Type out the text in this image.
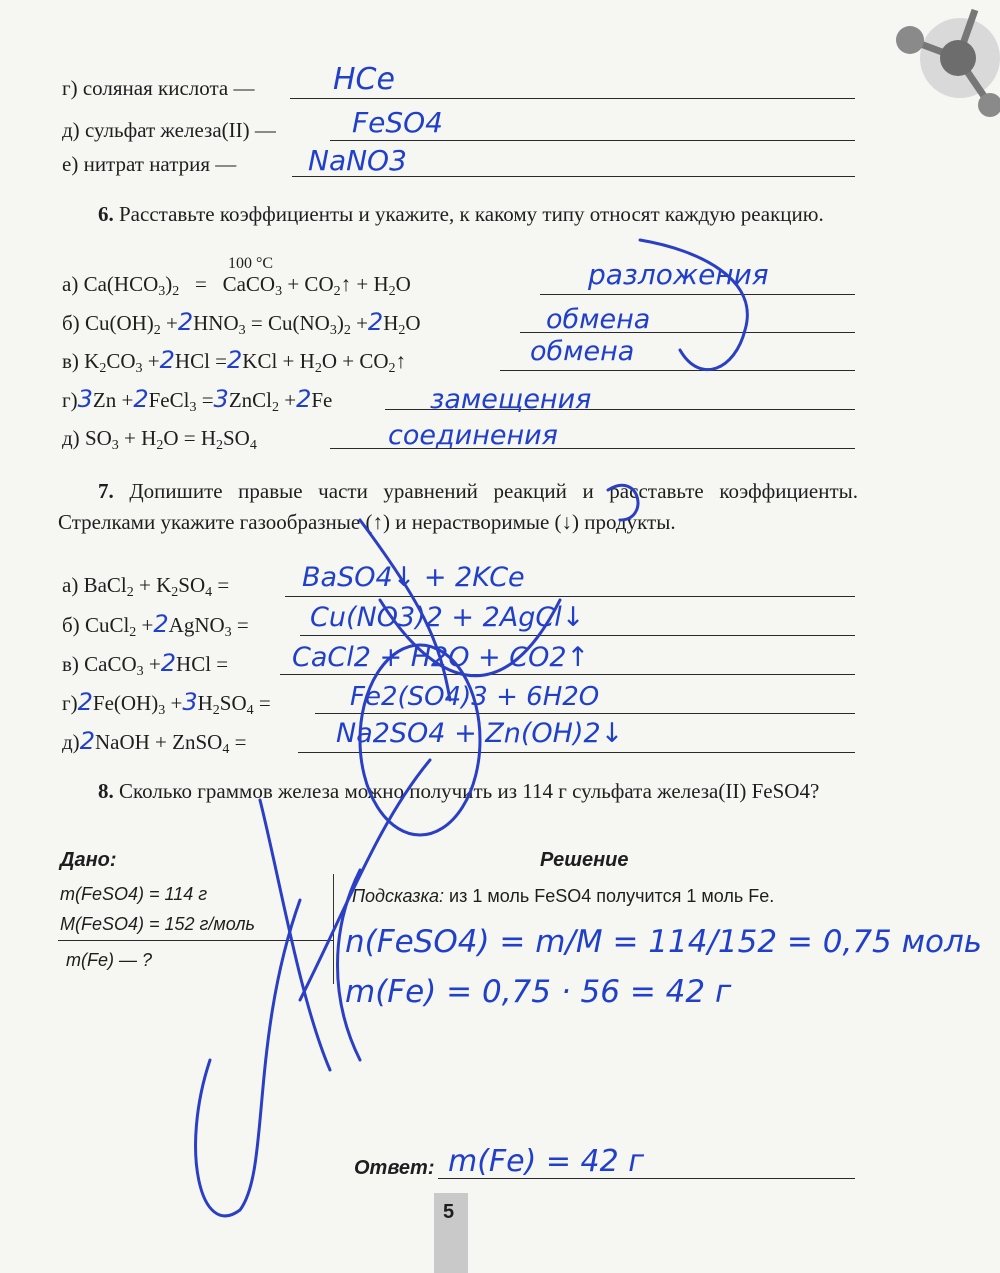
г) соляная кислота —	HCe
д) сульфат железа(II) —	FeSO4
е) нитрат натрия —	NaNO3
6. Расставьте коэффициенты и укажите, к какому типу относят каждую реакцию.
100 °C
а) $Ca(HCO_3)_2$   =   CaCO$_3$ + $CO_2↑ + H_2O$	разложения
б) $Cu(OH)_2 +2HNO_3 = Cu(NO_3)_2 +2H_2O$	обмена
в) $K_2CO_3 +2HCl =2KCl + H_2O$ + $CO_2↑$	обмена
г)3Zn +2FeCl$_3$ =3ZnCl$_2$ +2Fe	замещения
д) $SO_3 + H_2O = H_2SO_4$	соединения
7. Допишите правые части уравнений реакций и расставьте коэффициенты. Стрелками укажите газообразные (↑) и нерастворимые (↓) продукты.
а) BaCl$_2$ + $K_2SO_4$ =	BaSO4↓ + 2KCe
б) CuCl$_2$ +2AgNO$_3$ = Cu(NO3)2 + 2AgCl↓
в) CaCO$_3$ +2HCl = CaCl2 + H2O + CO2↑
$г)2Fe(OH)_3 +3H_2SO_4$ =	Fe2(SO4)3 + 6H2O
д)2NaOH + ZnSO$_4$ =	Na2SO4 + Zn(OH)2↓
8. Сколько граммов железа можно получить из 114 г сульфата железа(II) FeSO4?
Дано:	Решение
m(FeSO4) = 114 г
M(FeSO4) = 152 г/моль
m(Fe) — ?
Подсказка: из 1 моль FeSO4 получится 1 моль Fe.
n(FeSO4) = m/M = 114/152 = 0,75 моль
m(Fe) = 0,75 · 56 = 42 г
Ответ: m(Fe) = 42 г
5
